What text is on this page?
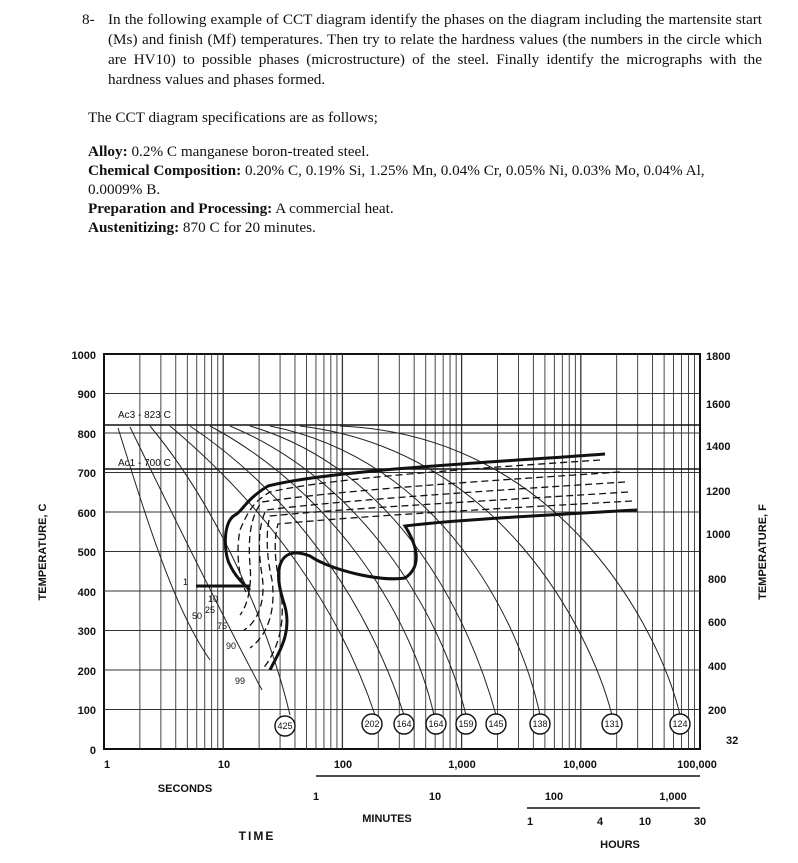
8- In the following example of CCT diagram identify the phases on the diagram including the martensite start (Ms) and finish (Mf) temperatures. Then try to relate the hardness values (the numbers in the circle which are HV10) to possible phases (microstructure) of the steel. Finally identify the micrographs with the hardness values and phases formed.
The CCT diagram specifications are as follows;
Alloy: 0.2% C manganese boron-treated steel.
Chemical Composition: 0.20% C, 0.19% Si, 1.25% Mn, 0.04% Cr, 0.05% Ni, 0.03% Mo, 0.04% Al, 0.0009% B.
Preparation and Processing: A commercial heat.
Austenitizing: 870 C for 20 minutes.
Ac3 - 823 C
Ac1 - 700 C
1
10
25
50
75
90
99
425	202 164 164 159 145	138	131	124
1000
900
800
700
600
500
400
300
200
100
0
TEMPERATURE, C
1800
1600
1400
1200
1000
800
600
400
200
32
TEMPERATURE, F
1	10	100	1,000	10,000	100,000
SECONDS
1	10	100	1,000
MINUTES	1	4	10	30
HOURS
TIME
